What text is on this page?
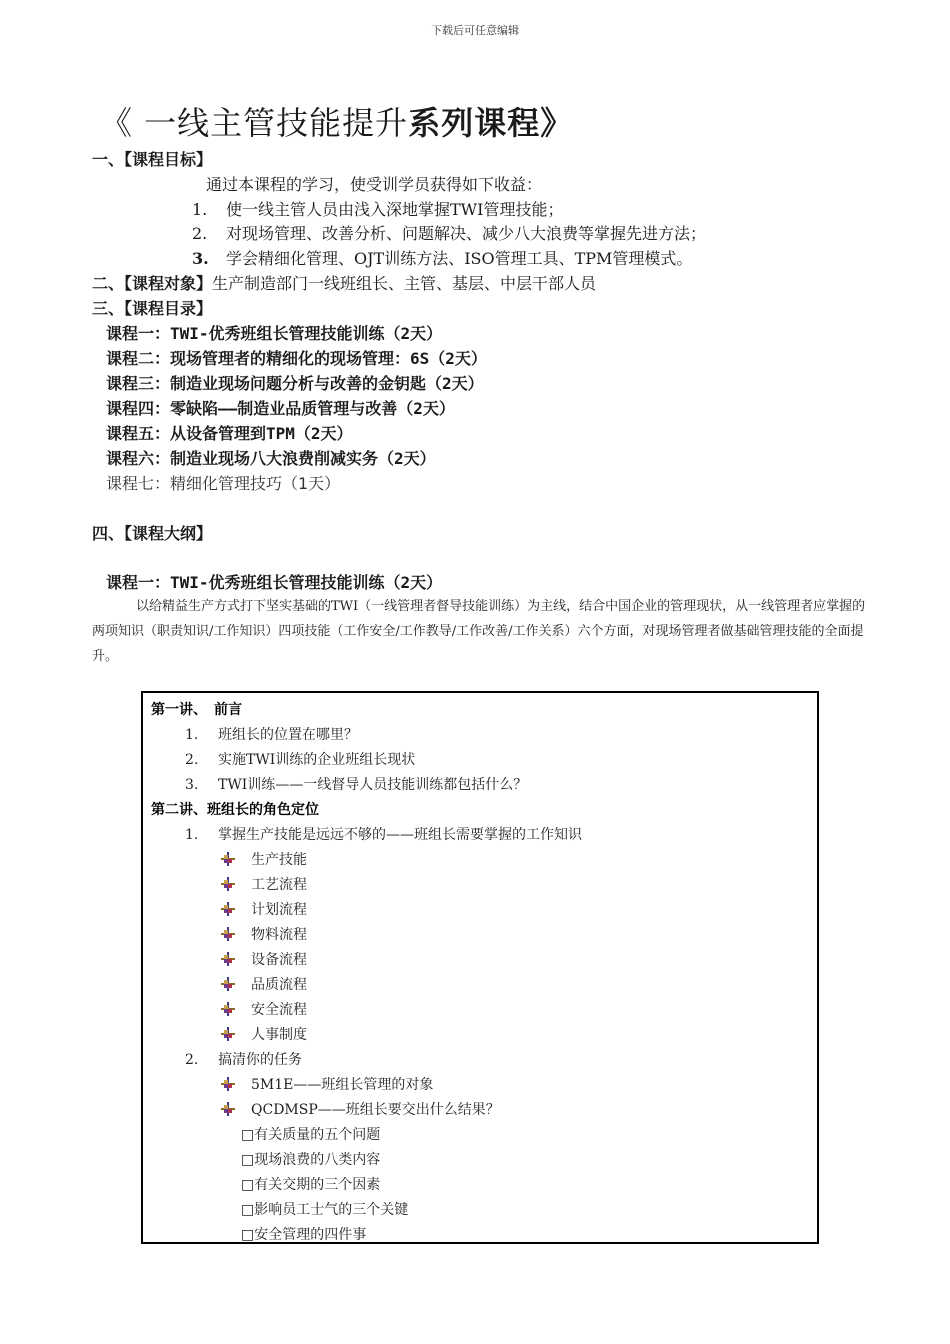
下载后可任意编辑
《 一线主管技能提升系列课程》
一、【课程目标】
通过本课程的学习，使受训学员获得如下收益：
1. 使一线主管人员由浅入深地掌握TWI管理技能；
2. 对现场管理、改善分析、问题解决、减少八大浪费等掌握先进方法；
3. 学会精细化管理、OJT训练方法、ISO管理工具、TPM管理模式。
二、【课程对象】生产制造部门一线班组长、主管、基层、中层干部人员
三、【课程目录】
课程一：TWI-优秀班组长管理技能训练（2天）
课程二：现场管理者的精细化的现场管理：6S（2天）
课程三：制造业现场问题分析与改善的金钥匙（2天）
课程四：零缺陷——制造业品质管理与改善（2天）
课程五：从设备管理到TPM（2天）
课程六：制造业现场八大浪费削减实务（2天）
课程七：精细化管理技巧（1天）
四、【课程大纲】
课程一：TWI-优秀班组长管理技能训练（2天）
以给精益生产方式打下坚实基础的TWI（一线管理者督导技能训练）为主线，结合中国企业的管理现状，从一线管理者应掌握的两项知识（职责知识/工作知识）四项技能（工作安全/工作教导/工作改善/工作关系）六个方面，对现场管理者做基础管理技能的全面提升。
第一讲、　前言
1. 班组长的位置在哪里？
2. 实施TWI训练的企业班组长现状
3. TWI训练——一线督导人员技能训练都包括什么？
第二讲、班组长的角色定位
1. 掌握生产技能是远远不够的——班组长需要掌握的工作知识
生产技能
工艺流程
计划流程
物料流程
设备流程
品质流程
安全流程
人事制度
2. 搞清你的任务
5M1E——班组长管理的对象
QCDMSP——班组长要交出什么结果？
□有关质量的五个问题
□现场浪费的八类内容
□有关交期的三个因素
□影响员工士气的三个关键
□安全管理的四件事
